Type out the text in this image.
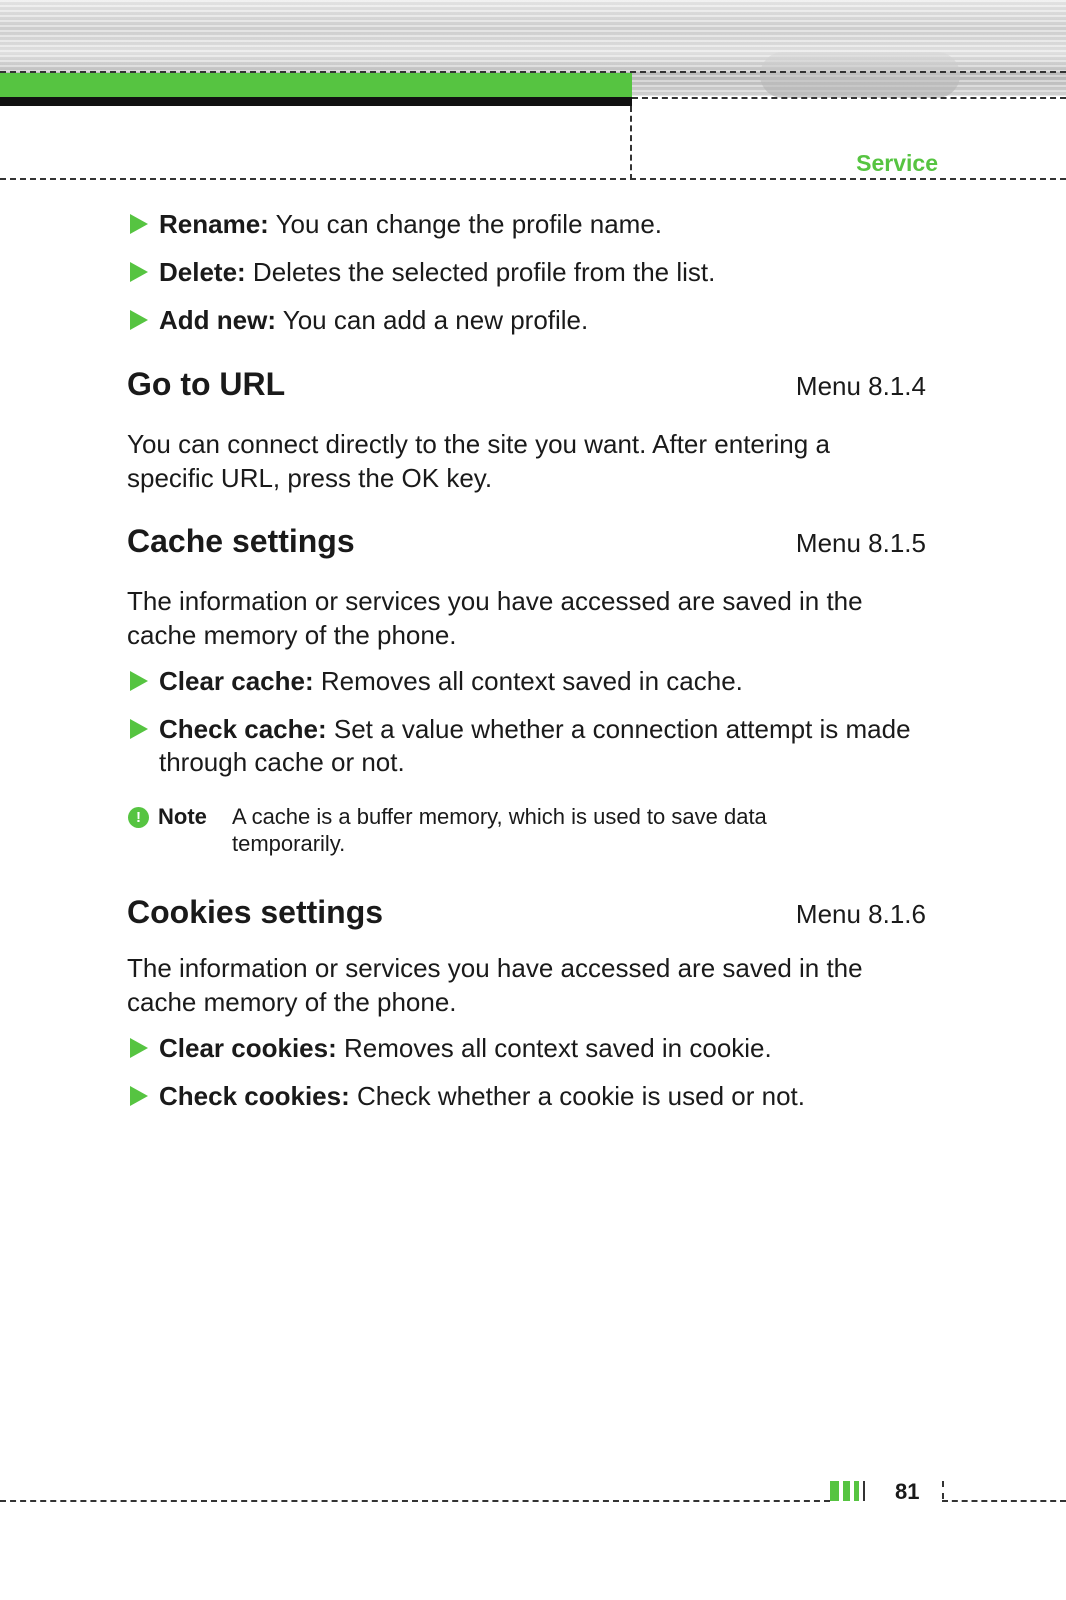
Service
Rename: You can change the profile name.
Delete: Deletes the selected profile from the list.
Add new: You can add a new profile.
Go to URL	Menu 8.1.4
You can connect directly to the site you want. After entering a specific URL, press the OK key.
Cache settings	Menu 8.1.5
The information or services you have accessed are saved in the cache memory of the phone.
Clear cache: Removes all context saved in cache.
Check cache: Set a value whether a connection attempt is made through cache or not.
! Note A cache is a buffer memory, which is used to save data temporarily.
Cookies settings	Menu 8.1.6
The information or services you have accessed are saved in the cache memory of the phone.
Clear cookies: Removes all context saved in cookie.
Check cookies: Check whether a cookie is used or not.
81
